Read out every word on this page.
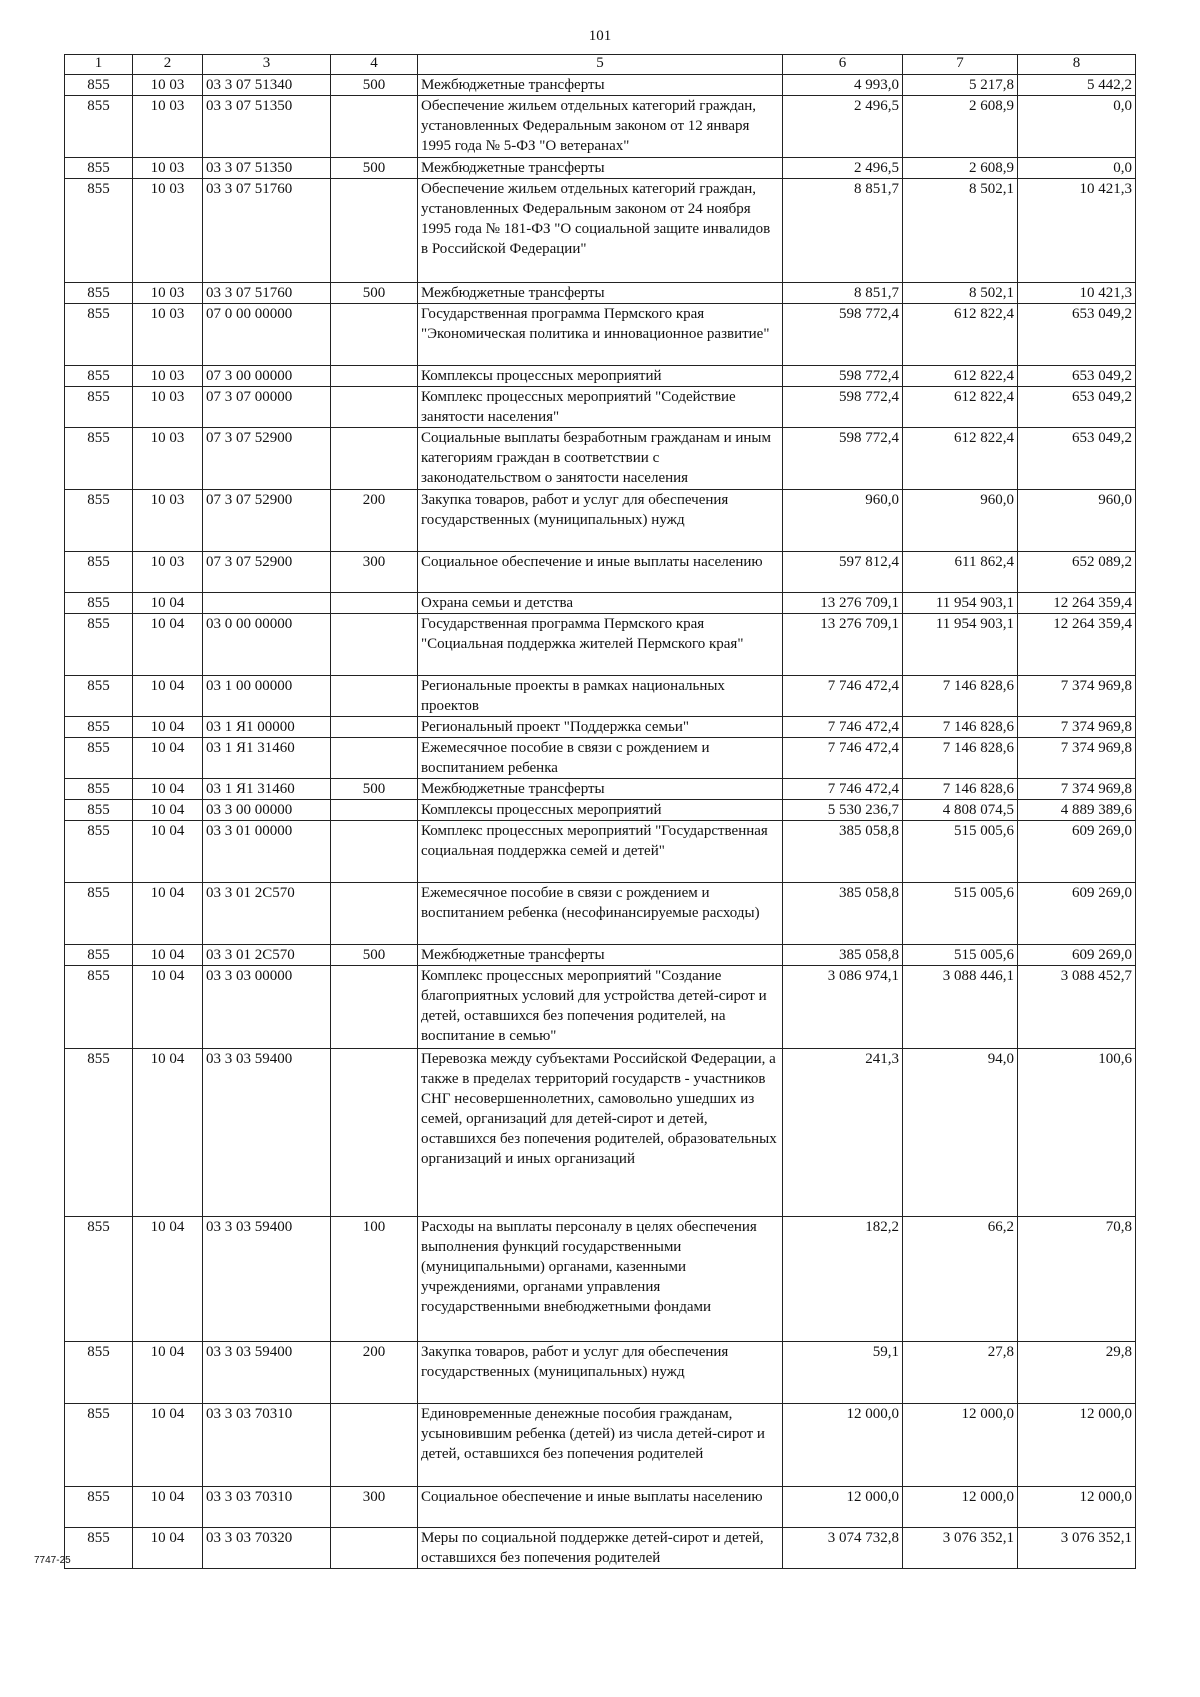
101
1	2	3	4	5	6	7	8
855	10 03	03 3 07 51340	500	Межбюджетные трансферты	4 993,0	5 217,8	5 442,2
855	10 03	03 3 07 51350		Обеспечение жильем отдельных категорий граждан, установленных Федеральным законом от 12 января 1995 года № 5-ФЗ "О ветеранах"	2 496,5	2 608,9	0,0
855	10 03	03 3 07 51350	500	Межбюджетные трансферты	2 496,5	2 608,9	0,0
855	10 03	03 3 07 51760		Обеспечение жильем отдельных категорий граждан, установленных Федеральным законом от 24 ноября 1995 года № 181-ФЗ "О социальной защите инвалидов в Российской Федерации"	8 851,7	8 502,1	10 421,3
855	10 03	03 3 07 51760	500	Межбюджетные трансферты	8 851,7	8 502,1	10 421,3
855	10 03	07 0 00 00000		Государственная программа Пермского края "Экономическая политика и инновационное развитие"	598 772,4	612 822,4	653 049,2
855	10 03	07 3 00 00000		Комплексы процессных мероприятий	598 772,4	612 822,4	653 049,2
855	10 03	07 3 07 00000		Комплекс процессных мероприятий "Содействие занятости населения"	598 772,4	612 822,4	653 049,2
855	10 03	07 3 07 52900		Социальные выплаты безработным гражданам и иным категориям граждан в соответствии с законодательством о занятости населения	598 772,4	612 822,4	653 049,2
855	10 03	07 3 07 52900	200	Закупка товаров, работ и услуг для обеспечения государственных (муниципальных) нужд	960,0	960,0	960,0
855	10 03	07 3 07 52900	300	Социальное обеспечение и иные выплаты населению	597 812,4	611 862,4	652 089,2
855	10 04			Охрана семьи и детства	13 276 709,1	11 954 903,1	12 264 359,4
855	10 04	03 0 00 00000		Государственная программа Пермского края "Социальная поддержка жителей Пермского края"	13 276 709,1	11 954 903,1	12 264 359,4
855	10 04	03 1 00 00000		Региональные проекты в рамках национальных проектов	7 746 472,4	7 146 828,6	7 374 969,8
855	10 04	03 1 Я1 00000		Региональный проект "Поддержка семьи"	7 746 472,4	7 146 828,6	7 374 969,8
855	10 04	03 1 Я1 31460		Ежемесячное пособие в связи с рождением и воспитанием ребенка	7 746 472,4	7 146 828,6	7 374 969,8
855	10 04	03 1 Я1 31460	500	Межбюджетные трансферты	7 746 472,4	7 146 828,6	7 374 969,8
855	10 04	03 3 00 00000		Комплексы процессных мероприятий	5 530 236,7	4 808 074,5	4 889 389,6
855	10 04	03 3 01 00000		Комплекс процессных мероприятий "Государственная социальная поддержка семей и детей"	385 058,8	515 005,6	609 269,0
855	10 04	03 3 01 2С570		Ежемесячное пособие в связи с рождением и воспитанием ребенка (несофинансируемые расходы)	385 058,8	515 005,6	609 269,0
855	10 04	03 3 01 2С570	500	Межбюджетные трансферты	385 058,8	515 005,6	609 269,0
855	10 04	03 3 03 00000		Комплекс процессных мероприятий "Создание благоприятных условий для устройства детей-сирот и детей, оставшихся без попечения родителей, на воспитание в семью"	3 086 974,1	3 088 446,1	3 088 452,7
855	10 04	03 3 03 59400		Перевозка между субъектами Российской Федерации, а также в пределах территорий государств - участников СНГ несовершеннолетних, самовольно ушедших из семей, организаций для детей-сирот и детей, оставшихся без попечения родителей, образовательных организаций и иных организаций	241,3	94,0	100,6
855	10 04	03 3 03 59400	100	Расходы на выплаты персоналу в целях обеспечения выполнения функций государственными (муниципальными) органами, казенными учреждениями, органами управления государственными внебюджетными фондами	182,2	66,2	70,8
855	10 04	03 3 03 59400	200	Закупка товаров, работ и услуг для обеспечения государственных (муниципальных) нужд	59,1	27,8	29,8
855	10 04	03 3 03 70310		Единовременные денежные пособия гражданам, усыновившим ребенка (детей) из числа детей-сирот и детей, оставшихся без попечения родителей	12 000,0	12 000,0	12 000,0
855	10 04	03 3 03 70310	300	Социальное обеспечение и иные выплаты населению	12 000,0	12 000,0	12 000,0
855	10 04	03 3 03 70320		Меры по социальной поддержке детей-сирот и детей, оставшихся без попечения родителей	3 074 732,8	3 076 352,1	3 076 352,1
7747-25
